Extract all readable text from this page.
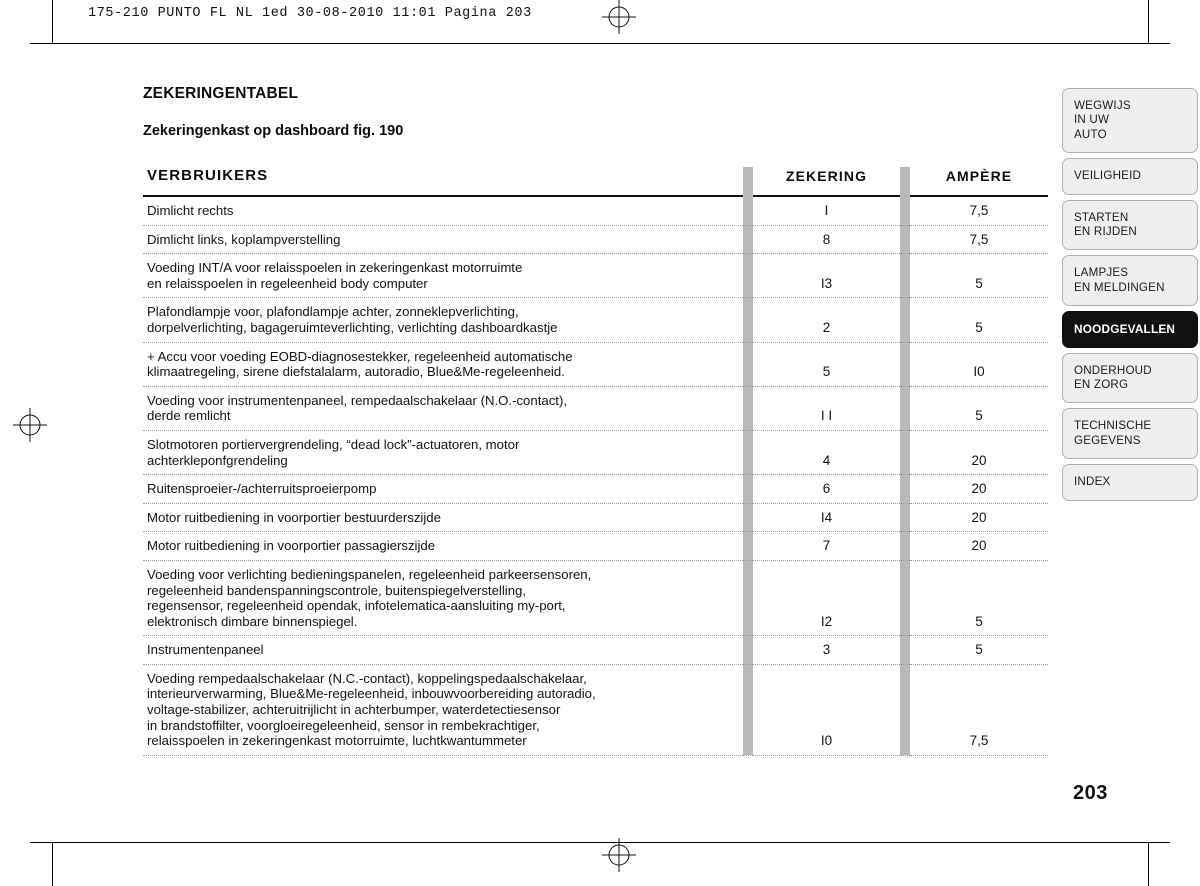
175-210 PUNTO FL NL 1ed 30-08-2010 11:01 Pagina 203
ZEKERINGENTABEL
Zekeringenkast op dashboard fig. 190
VERBRUIKERS		ZEKERING		AMPÈRE
Dimlicht rechts		I		7,5
Dimlicht links, koplampverstelling		8		7,5
Voeding INT/A voor relaisspoelen in zekeringenkast motorruimte
en relaisspoelen in regeleenheid body computer		I3		5
Plafondlampje voor, plafondlampje achter, zonneklepverlichting,
dorpelverlichting, bagageruimteverlichting, verlichting dashboardkastje		2		5
+ Accu voor voeding EOBD-diagnosestekker, regeleenheid automatische
klimaatregeling, sirene diefstalalarm, autoradio, Blue&Me-regeleenheid.		5		I0
Voeding voor instrumentenpaneel, rempedaalschakelaar (N.O.-contact),
derde remlicht		I I		5
Slotmotoren portiervergrendeling, “dead lock”-actuatoren, motor
achterkleponfgrendeling		4		20
Ruitensproeier-/achterruitsproeierpomp		6		20
Motor ruitbediening in voorportier bestuurderszijde		I4		20
Motor ruitbediening in voorportier passagierszijde		7		20
Voeding voor verlichting bedieningspanelen, regeleenheid parkeersensoren,
regeleenheid bandenspanningscontrole, buitenspiegelverstelling,
regensensor, regeleenheid opendak, infotelematica-aansluiting my-port,
elektronisch dimbare binnenspiegel.		I2		5
Instrumentenpaneel		3		5
Voeding rempedaalschakelaar (N.C.-contact), koppelingspedaalschakelaar,
interieurverwarming, Blue&Me-regeleenheid, inbouwvoorbereiding autoradio,
voltage-stabilizer, achteruitrijlicht in achterbumper, waterdetectiesensor
in brandstoffilter, voorgloeiregeleenheid, sensor in rembekrachtiger,
relaisspoelen in zekeringenkast motorruimte, luchtkwantummeter		I0		7,5
WEGWIJS
IN UW
AUTO
VEILIGHEID
STARTEN
EN RIJDEN
LAMPJES
EN MELDINGEN
NOODGEVALLEN
ONDERHOUD
EN ZORG
TECHNISCHE
GEGEVENS
INDEX
203
